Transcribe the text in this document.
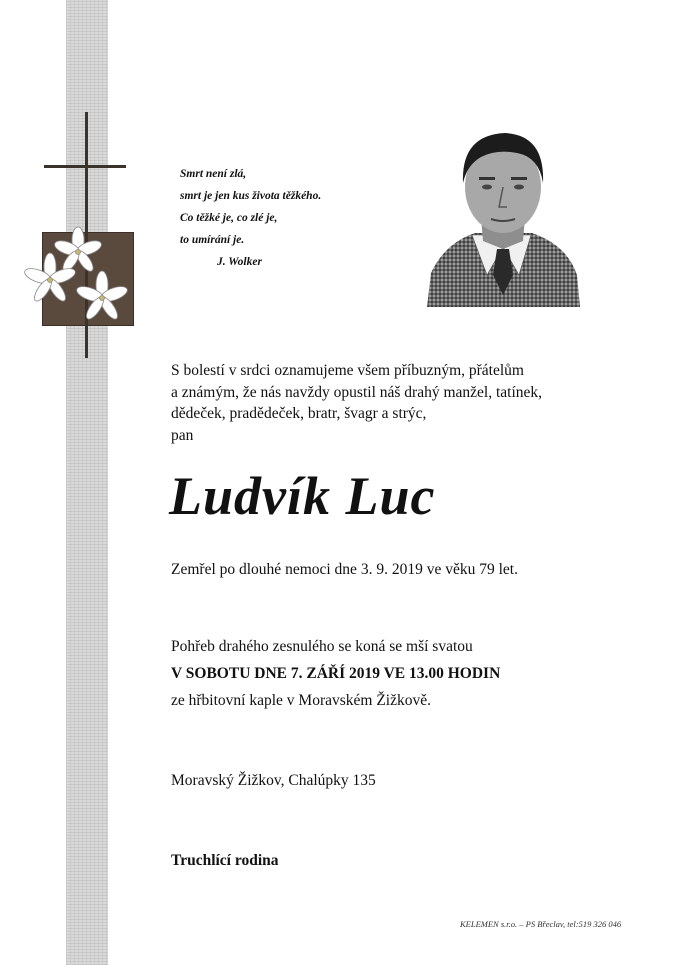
Smrt není zlá,
smrt je jen kus života těžkého.
Co těžké je, co zlé je,
to umírání je.
J. Wolker
S bolestí v srdci oznamujeme všem příbuzným, přátelům
a známým, že nás navždy opustil náš drahý manžel, tatínek,
dědeček, pradědeček, bratr, švagr a strýc,
pan
Ludvík Luc
Zemřel po dlouhé nemoci dne 3. 9. 2019 ve věku 79 let.
Pohřeb drahého zesnulého se koná se mší svatou
V SOBOTU DNE 7. ZÁŘÍ 2019 VE 13.00 HODIN
ze hřbitovní kaple v Moravském Žižkově.
Moravský Žižkov, Chalúpky 135
Truchlící rodina
KELEMEN s.r.o. – PS Břeclav, tel:519 326 046
